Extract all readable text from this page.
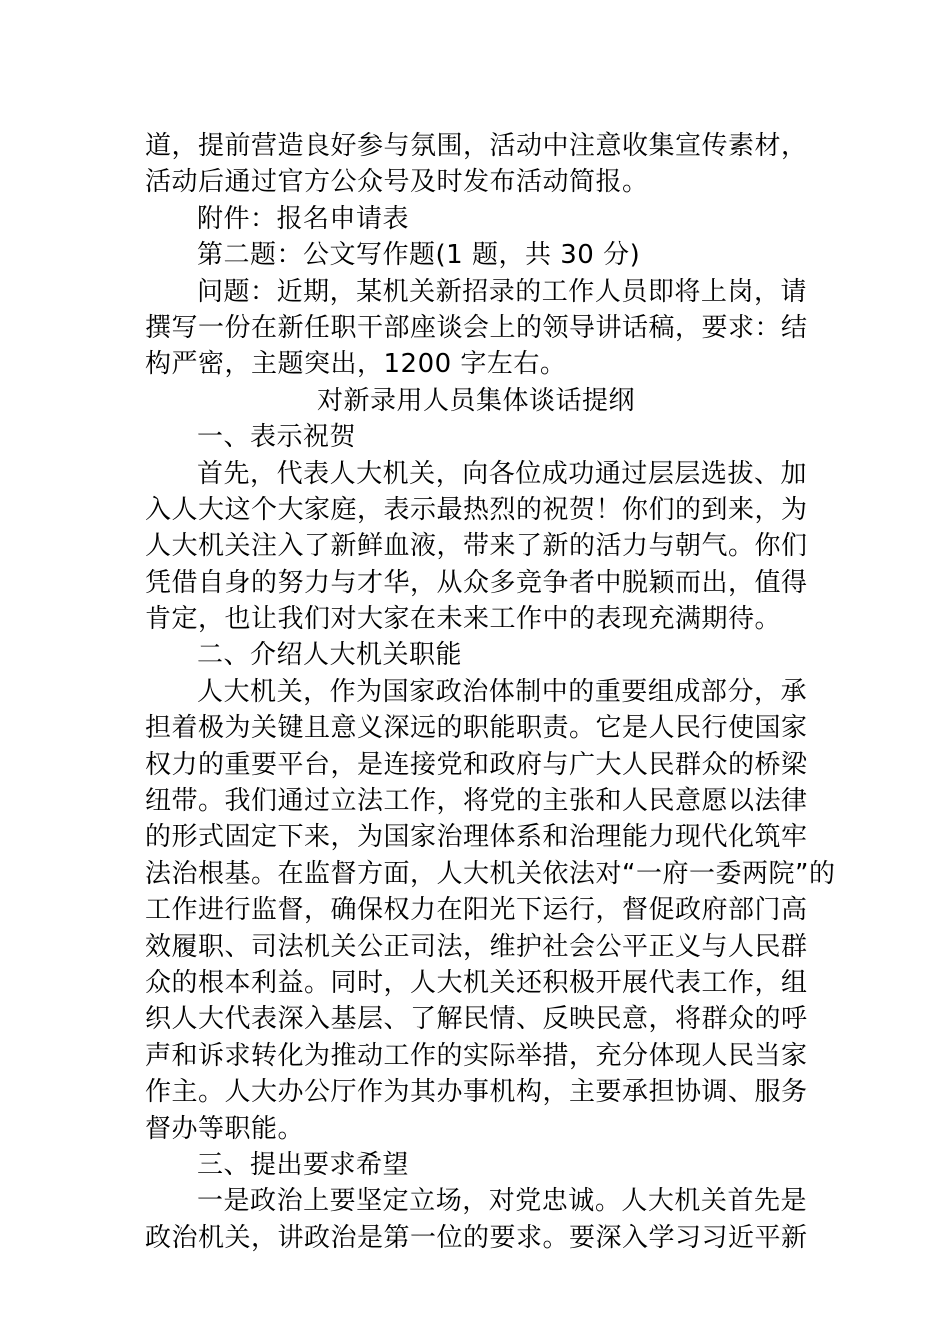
道，提前营造良好参与氛围，活动中注意收集宣传素材，
活动后通过官方公众号及时发布活动简报。
附件：报名申请表
第二题：公文写作题(1 题，共 30 分)
问题：近期，某机关新招录的工作人员即将上岗，请
撰写一份在新任职干部座谈会上的领导讲话稿，要求：结
构严密，主题突出，1200 字左右。
对新录用人员集体谈话提纲
一、表示祝贺
首先，代表人大机关，向各位成功通过层层选拔、加
入人大这个大家庭，表示最热烈的祝贺！你们的到来，为
人大机关注入了新鲜血液，带来了新的活力与朝气。你们
凭借自身的努力与才华，从众多竞争者中脱颖而出，值得
肯定，也让我们对大家在未来工作中的表现充满期待。
二、介绍人大机关职能
人大机关，作为国家政治体制中的重要组成部分，承
担着极为关键且意义深远的职能职责。它是人民行使国家
权力的重要平台，是连接党和政府与广大人民群众的桥梁
纽带。我们通过立法工作，将党的主张和人民意愿以法律
的形式固定下来，为国家治理体系和治理能力现代化筑牢
法治根基。在监督方面，人大机关依法对“一府一委两院”的
工作进行监督，确保权力在阳光下运行，督促政府部门高
效履职、司法机关公正司法，维护社会公平正义与人民群
众的根本利益。同时，人大机关还积极开展代表工作，组
织人大代表深入基层、了解民情、反映民意，将群众的呼
声和诉求转化为推动工作的实际举措，充分体现人民当家
作主。人大办公厅作为其办事机构，主要承担协调、服务
督办等职能。
三、提出要求希望
一是政治上要坚定立场，对党忠诚。人大机关首先是
政治机关，讲政治是第一位的要求。要深入学习习近平新
